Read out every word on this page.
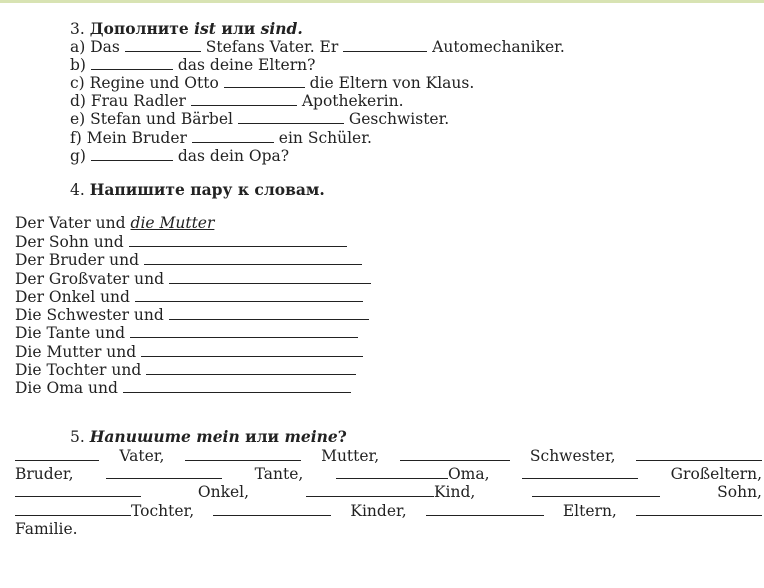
3. Дополните ist или sind.
a) Das	Stefans Vater. Er	Automechaniker.
b)	das deine Eltern?
c) Regine und Otto	die Eltern von Klaus.
d) Frau Radler	Apothekerin.
e) Stefan und Bärbel	Geschwister.
f) Mein Bruder	ein Schüler.
g)	das dein Opa?
4. Напишите пару к словам.
Der Vater und die Mutter
Der Sohn und
Der Bruder und
Der Großvater und
Der Onkel und
Die Schwester und
Die Tante und
Die Mutter und
Die Tochter und
Die Oma und
5. Напишите mein или meine?
Vater,	Mutter,	Schwester,
Bruder,	Tante,	Oma,	Großeltern,
Onkel,	Kind,	Sohn,
Tochter,	Kinder,	Eltern,
Familie.
